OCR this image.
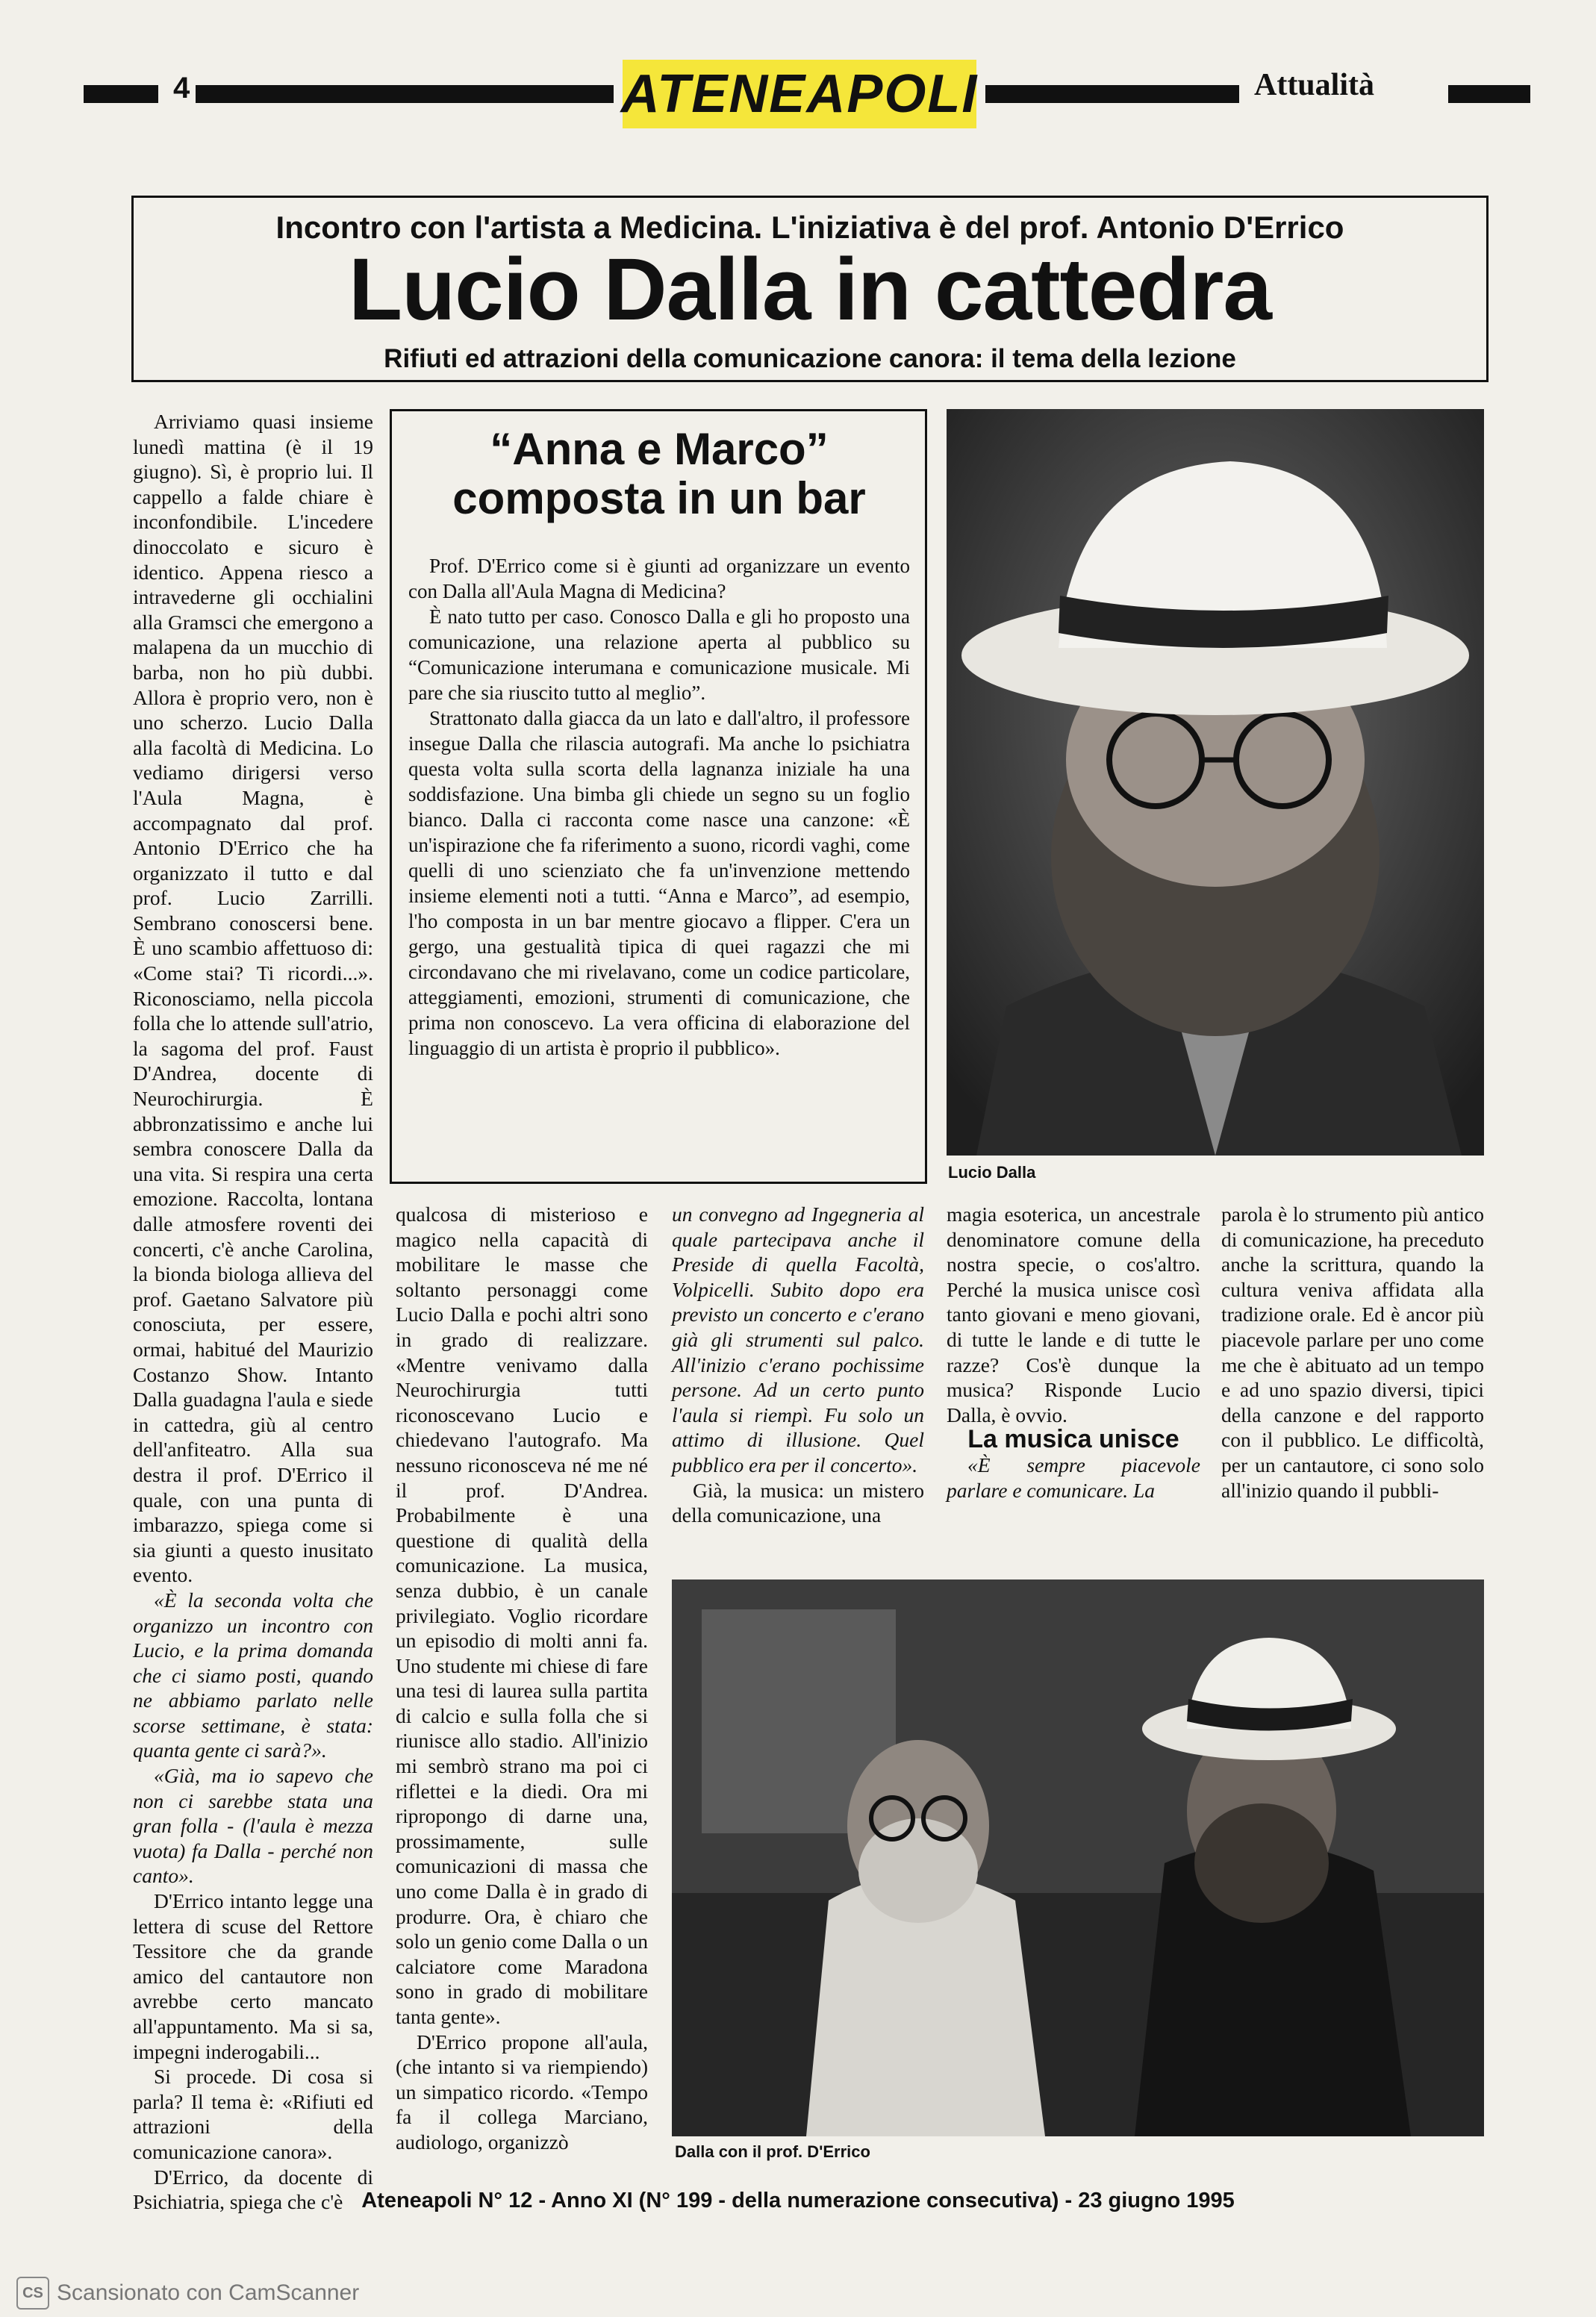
4	ATENEAPOLI	Attualità
Incontro con l'artista a Medicina. L'iniziativa è del prof. Antonio D'Errico
Lucio Dalla in cattedra
Rifiuti ed attrazioni della comunicazione canora: il tema della lezione

Arriviamo quasi insieme lunedì mattina (è il 19 giugno). Sì, è proprio lui. Il cappello a falde chiare è inconfondibile. L'incedere dinoccolato e sicuro è identico. Appena riesco a intravederne gli occhialini alla Gramsci che emergono a malapena da un mucchio di barba, non ho più dubbi. Allora è proprio vero, non è uno scherzo. Lucio Dalla alla facoltà di Medicina. Lo vediamo dirigersi verso l'Aula Magna, è accompagnato dal prof. Antonio D'Errico che ha organizzato il tutto e dal prof. Lucio Zarrilli. Sembrano conoscersi bene. È uno scambio affettuoso di: «Come stai? Ti ricordi...». Riconosciamo, nella piccola folla che lo attende sull'atrio, la sagoma del prof. Faust D'Andrea, docente di Neurochirurgia. È abbronzatissimo e anche lui sembra conoscere Dalla da una vita. Si respira una certa emozione. Raccolta, lontana dalle atmosfere roventi dei concerti, c'è anche Carolina, la bionda biologa allieva del prof. Gaetano Salvatore più conosciuta, per essere, ormai, habitué del Maurizio Costanzo Show. Intanto Dalla guadagna l'aula e siede in cattedra, giù al centro dell'anfiteatro. Alla sua destra il prof. D'Errico il quale, con una punta di imbarazzo, spiega come si sia giunti a questo inusitato evento.

«È la seconda volta che organizzo un incontro con Lucio, e la prima domanda che ci siamo posti, quando ne abbiamo parlato nelle scorse settimane, è stata: quanta gente ci sarà?».

«Già, ma io sapevo che non ci sarebbe stata una gran folla - (l'aula è mezza vuota) fa Dalla - perché non canto».

D'Errico intanto legge una lettera di scuse del Rettore Tessitore che da grande amico del cantautore non avrebbe certo mancato all'appuntamento. Ma si sa, impegni inderogabili...

Si procede. Di cosa si parla? Il tema è: «Rifiuti ed attrazioni della comunicazione canora».

D'Errico, da docente di Psichiatria, spiega che c'è

“Anna e Marco” composta in un bar

Prof. D'Errico come si è giunti ad organizzare un evento con Dalla all'Aula Magna di Medicina?

È nato tutto per caso. Conosco Dalla e gli ho proposto una comunicazione, una relazione aperta al pubblico su “Comunicazione interumana e comunicazione musicale. Mi pare che sia riuscito tutto al meglio”.

Strattonato dalla giacca da un lato e dall'altro, il professore insegue Dalla che rilascia autografi. Ma anche lo psichiatra questa volta sulla scorta della lagnanza iniziale ha una soddisfazione. Una bimba gli chiede un segno su un foglio bianco. Dalla ci racconta come nasce una canzone: «È un'ispirazione che fa riferimento a suono, ricordi vaghi, come quelli di uno scienziato che fa un'invenzione mettendo insieme elementi noti a tutti. “Anna e Marco”, ad esempio, l'ho composta in un bar mentre giocavo a flipper. C'era un gergo, una gestualità tipica di quei ragazzi che mi circondavano che mi rivelavano, come un codice particolare, atteggiamenti, emozioni, strumenti di comunicazione, che prima non conoscevo. La vera officina di elaborazione del linguaggio di un artista è proprio il pubblico».

Lucio Dalla

qualcosa di misterioso e magico nella capacità di mobilitare le masse che soltanto personaggi come Lucio Dalla e pochi altri sono in grado di realizzare. «Mentre venivamo dalla Neurochirurgia tutti riconoscevano Lucio e chiedevano l'autografo. Ma nessuno riconosceva né me né il prof. D'Andrea. Probabilmente è una questione di qualità della comunicazione. La musica, senza dubbio, è un canale privilegiato. Voglio ricordare un episodio di molti anni fa. Uno studente mi chiese di fare una tesi di laurea sulla partita di calcio e sulla folla che si riunisce allo stadio. All'inizio mi sembrò strano ma poi ci riflettei e la diedi. Ora mi ripropongo di darne una, prossimamente, sulle comunicazioni di massa che uno come Dalla è in grado di produrre. Ora, è chiaro che solo un genio come Dalla o un calciatore come Maradona sono in grado di mobilitare tanta gente».

D'Errico propone all'aula, (che intanto si va riempiendo) un simpatico ricordo. «Tempo fa il collega Marciano, audiologo, organizzò

un convegno ad Ingegneria al quale partecipava anche il Preside di quella Facoltà, Volpicelli. Subito dopo era previsto un concerto e c'erano già gli strumenti sul palco. All'inizio c'erano pochissime persone. Ad un certo punto l'aula si riempì. Fu solo un attimo di illusione. Quel pubblico era per il concerto».

Già, la musica: un mistero della comunicazione, una

magia esoterica, un ancestrale denominatore comune della nostra specie, o cos'altro. Perché la musica unisce così tanto giovani e meno giovani, di tutte le lande e di tutte le razze? Cos'è dunque la musica? Risponde Lucio Dalla, è ovvio.

La musica unisce

«È sempre piacevole parlare e comunicare. La

parola è lo strumento più antico di comunicazione, ha preceduto anche la scrittura, quando la cultura veniva affidata alla tradizione orale. Ed è ancor più piacevole parlare per uno come me che è abituato ad un tempo e ad uno spazio diversi, tipici della canzone e del rapporto con il pubblico. Le difficoltà, per un cantautore, ci sono solo all'inizio quando il pubbli-

Dalla con il prof. D'Errico
Ateneapoli N° 12 - Anno XI (N° 199 - della numerazione consecutiva) - 23 giugno 1995
CS Scansionato con CamScanner
